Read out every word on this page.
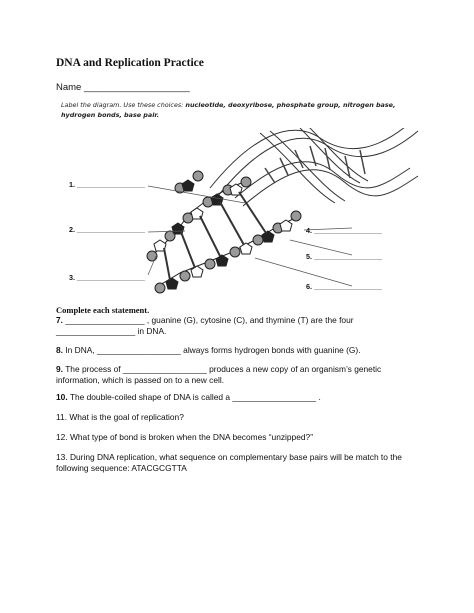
DNA and Replication Practice
Name ____________________
Label the diagram. Use these choices: nucleotide, deoxyribose, phosphate group, nitrogen base,
hydrogen bonds, base pair.
1. _________________
2. _________________
3. _________________
4. _________________
5. _________________
6. _________________
Complete each statement.
7. _________________ , guanine (G), cytosine (C), and thymine (T) are the four
_________________ in DNA.
8. In DNA, __________________ always forms hydrogen bonds with guanine (G).
9. The process of __________________ produces a new copy of an organism’s genetic
information, which is passed on to a new cell.
10. The double-coiled shape of DNA is called a __________________ .
11. What is the goal of replication?
12. What type of bond is broken when the DNA becomes “unzipped?”
13. During DNA replication, what sequence on complementary base pairs will be match to the
following sequence: ATACGCGTTA
